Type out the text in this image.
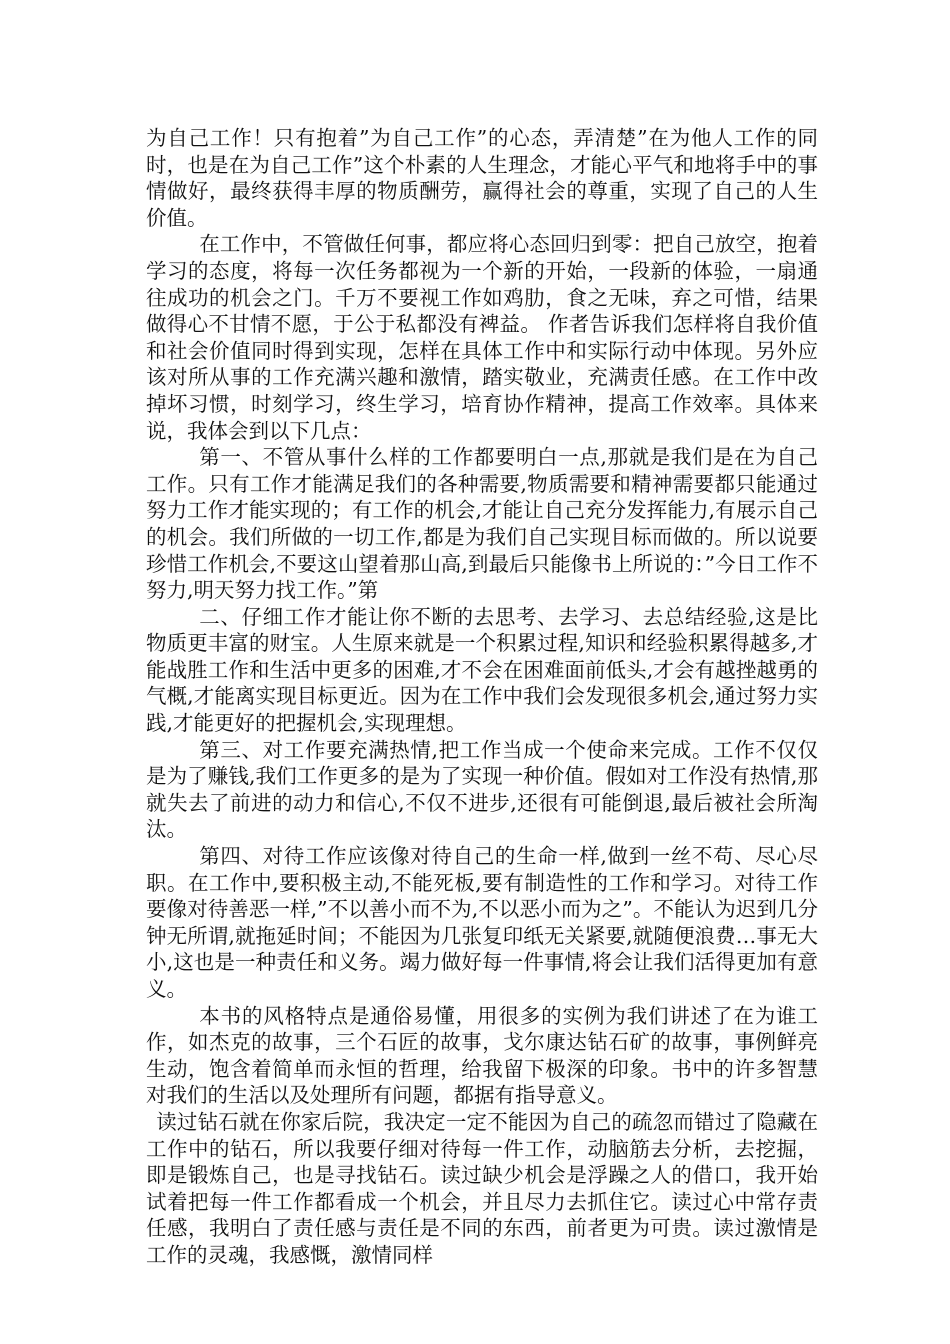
为自己工作！只有抱着”为自己工作”的心态，弄清楚”在为他人工作的同时，也是在为自己工作”这个朴素的人生理念，才能心平气和地将手中的事情做好，最终获得丰厚的物质酬劳，赢得社会的尊重，实现了自己的人生价值。

在工作中，不管做任何事，都应将心态回归到零：把自己放空，抱着学习的态度，将每一次任务都视为一个新的开始，一段新的体验，一扇通往成功的机会之门。千万不要视工作如鸡肋，食之无味，弃之可惜，结果做得心不甘情不愿，于公于私都没有裨益。 作者告诉我们怎样将自我价值和社会价值同时得到实现，怎样在具体工作中和实际行动中体现。另外应该对所从事的工作充满兴趣和激情，踏实敬业，充满责任感。在工作中改掉坏习惯，时刻学习，终生学习，培育协作精神，提高工作效率。具体来说，我体会到以下几点：

第一、不管从事什么样的工作都要明白一点,那就是我们是在为自己工作。只有工作才能满足我们的各种需要,物质需要和精神需要都只能通过努力工作才能实现的；有工作的机会,才能让自己充分发挥能力,有展示自己的机会。我们所做的一切工作,都是为我们自己实现目标而做的。所以说要珍惜工作机会,不要这山望着那山高,到最后只能像书上所说的：”今日工作不努力,明天努力找工作。”第

二、仔细工作才能让你不断的去思考、去学习、去总结经验,这是比物质更丰富的财宝。人生原来就是一个积累过程,知识和经验积累得越多,才能战胜工作和生活中更多的困难,才不会在困难面前低头,才会有越挫越勇的气概,才能离实现目标更近。因为在工作中我们会发现很多机会,通过努力实践,才能更好的把握机会,实现理想。

第三、对工作要充满热情,把工作当成一个使命来完成。工作不仅仅是为了赚钱,我们工作更多的是为了实现一种价值。假如对工作没有热情,那就失去了前进的动力和信心,不仅不进步,还很有可能倒退,最后被社会所淘汰。

第四、对待工作应该像对待自己的生命一样,做到一丝不苟、尽心尽职。在工作中,要积极主动,不能死板,要有制造性的工作和学习。对待工作要像对待善恶一样,”不以善小而不为,不以恶小而为之”。不能认为迟到几分钟无所谓,就拖延时间；不能因为几张复印纸无关紧要,就随便浪费…事无大小,这也是一种责任和义务。竭力做好每一件事情,将会让我们活得更加有意义。

本书的风格特点是通俗易懂，用很多的实例为我们讲述了在为谁工作，如杰克的故事，三个石匠的故事，戈尔康达钻石矿的故事，事例鲜亮生动，饱含着简单而永恒的哲理，给我留下极深的印象。书中的许多智慧对我们的生活以及处理所有问题，都据有指导意义。

读过钻石就在你家后院，我决定一定不能因为自己的疏忽而错过了隐藏在工作中的钻石，所以我要仔细对待每一件工作，动脑筋去分析，去挖掘，即是锻炼自己，也是寻找钻石。读过缺少机会是浮躁之人的借口，我开始试着把每一件工作都看成一个机会，并且尽力去抓住它。读过心中常存责任感，我明白了责任感与责任是不同的东西，前者更为可贵。读过激情是工作的灵魂，我感慨，激情同样
